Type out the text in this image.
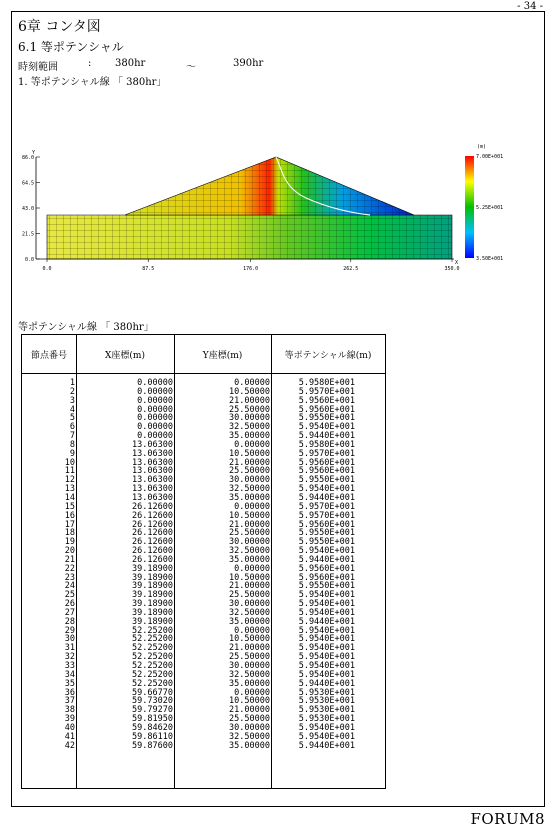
- 34 -
6章 コンタ図
6.1 等ポテンシャル
時刻範囲	: 380hr	～	390hr
1. 等ポテンシャル線 「 380hr」
86.0
64.5
43.0
21.5
0.0
0.0	87.5	176.0	262.5	350.0
Y
X
(m)
7.00E+001
5.25E+001
3.50E+001
等ポテンシャル線 「 380hr」
節点番号	X座標(m)	Y座標(m)	等ポテンシャル線(m)
1	0.00000	0.00000	5.9580E+001
2	0.00000	10.50000	5.9570E+001
3	0.00000	21.00000	5.9560E+001
4	0.00000	25.50000	5.9560E+001
5	0.00000	30.00000	5.9550E+001
6	0.00000	32.50000	5.9540E+001
7	0.00000	35.00000	5.9440E+001
8	13.06300	0.00000	5.9580E+001
9	13.06300	10.50000	5.9570E+001
10	13.06300	21.00000	5.9560E+001
11	13.06300	25.50000	5.9560E+001
12	13.06300	30.00000	5.9550E+001
13	13.06300	32.50000	5.9540E+001
14	13.06300	35.00000	5.9440E+001
15	26.12600	0.00000	5.9570E+001
16	26.12600	10.50000	5.9570E+001
17	26.12600	21.00000	5.9560E+001
18	26.12600	25.50000	5.9550E+001
19	26.12600	30.00000	5.9550E+001
20	26.12600	32.50000	5.9540E+001
21	26.12600	35.00000	5.9440E+001
22	39.18900	0.00000	5.9560E+001
23	39.18900	10.50000	5.9560E+001
24	39.18900	21.00000	5.9550E+001
25	39.18900	25.50000	5.9540E+001
26	39.18900	30.00000	5.9540E+001
27	39.18900	32.50000	5.9540E+001
28	39.18900	35.00000	5.9440E+001
29	52.25200	0.00000	5.9540E+001
30	52.25200	10.50000	5.9540E+001
31	52.25200	21.00000	5.9540E+001
32	52.25200	25.50000	5.9540E+001
33	52.25200	30.00000	5.9540E+001
34	52.25200	32.50000	5.9540E+001
35	52.25200	35.00000	5.9440E+001
36	59.66770	0.00000	5.9530E+001
37	59.73020	10.50000	5.9530E+001
38	59.79270	21.00000	5.9530E+001
39	59.81950	25.50000	5.9530E+001
40	59.84620	30.00000	5.9540E+001
41	59.86110	32.50000	5.9540E+001
42	59.87600	35.00000	5.9440E+001
FORUM8
